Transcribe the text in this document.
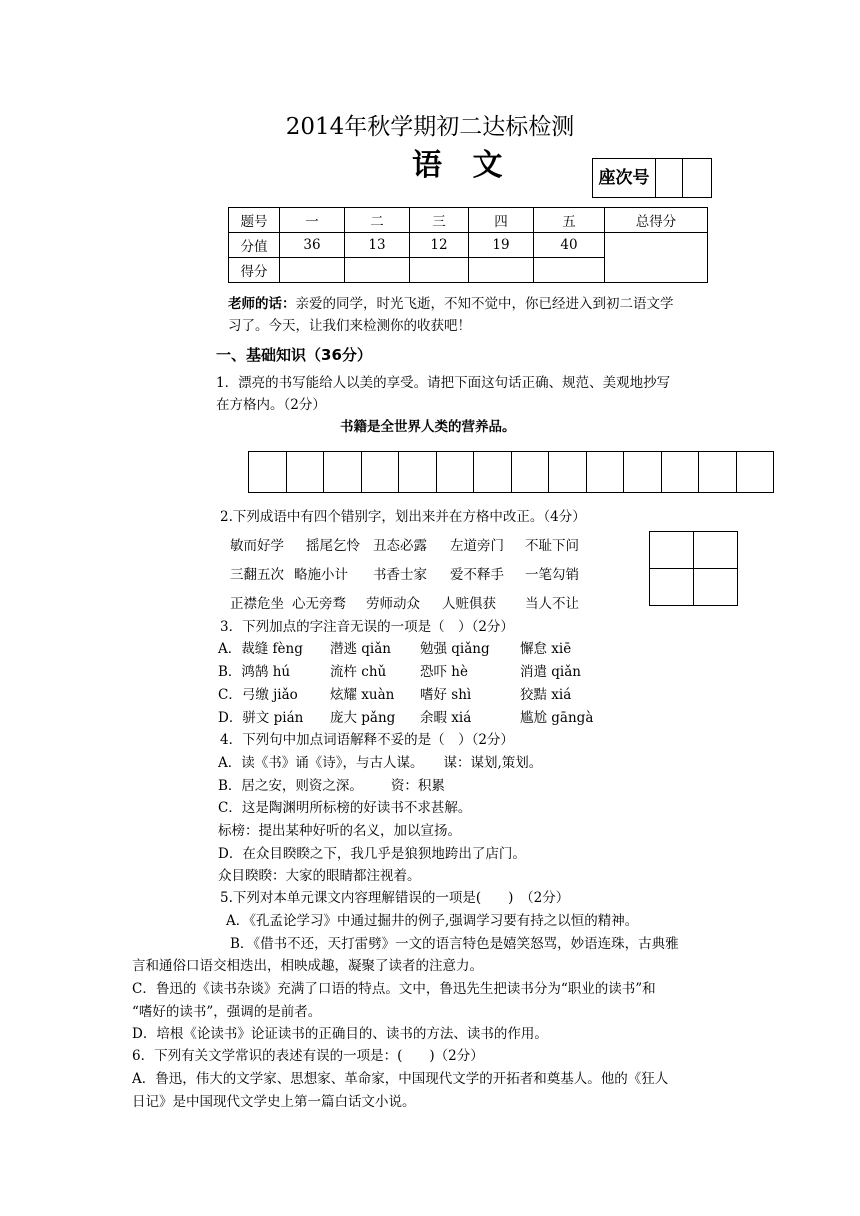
2014年秋学期初二达标检测
语 文	座次号
题号	一	二	三	四	五	总得分
分值	36	13	12	19	40	
得分						
老师的话：亲爱的同学，时光飞逝，不知不觉中，你已经进入到初二语文学
习了。今天，让我们来检测你的收获吧！
一、基础知识（36分）
1．漂亮的书写能给人以美的享受。请把下面这句话正确、规范、美观地抄写
在方格内。（2分）
书籍是全世界人类的营养品。

2.下列成语中有四个错别字，划出来并在方格中改正。（4分）
敏而好学 摇尾乞怜 丑态必露 左道旁门 不耻下问
三翻五次 略施小计 书香士家 爱不释手 一笔勾销
正襟危坐 心无旁骛 劳师动众 人赃俱获 当人不让

3．下列加点的字注音无误的一项是（　）（2分）
A．裁缝 fèng 潜逃 qiǎn 勉强 qiǎng 懈怠 xiē
B．鸿鹄 hú	流杵 chǔ	恐吓 hè	消遣 qiǎn
C．弓缴 jiǎo 炫耀 xuàn 嗜好 shì	狡黠 xiá
D．骈文 pián 庞大 pǎng 余暇 xiá	尴尬 gāngà
4．下列句中加点词语解释不妥的是（　）（2分）
A．读《书》诵《诗》，与古人谋。 谋：谋划,策划。
B．居之安，则资之深。 资：积累
C．这是陶渊明所标榜的好读书不求甚解。
标榜：提出某种好听的名义，加以宣扬。
D．在众目睽睽之下，我几乎是狼狈地跨出了店门。
众目睽睽：大家的眼睛都注视着。
5.下列对本单元课文内容理解错误的一项是(　　)　（2分）
A．《孔孟论学习》中通过掘井的例子,强调学习要有持之以恒的精神。
B．《借书不还，天打雷劈》一文的语言特色是嬉笑怒骂，妙语连珠，古典雅
言和通俗口语交相迭出，相映成趣，凝聚了读者的注意力。
C．鲁迅的《读书杂谈》充满了口语的特点。文中，鲁迅先生把读书分为“职业的读书”和
“嗜好的读书”，强调的是前者。
D．培根《论读书》论证读书的正确目的、读书的方法、读书的作用。
6．下列有关文学常识的表述有误的一项是：(　　)（2分）
A．鲁迅，伟大的文学家、思想家、革命家，中国现代文学的开拓者和奠基人。他的《狂人
日记》是中国现代文学史上第一篇白话文小说。
